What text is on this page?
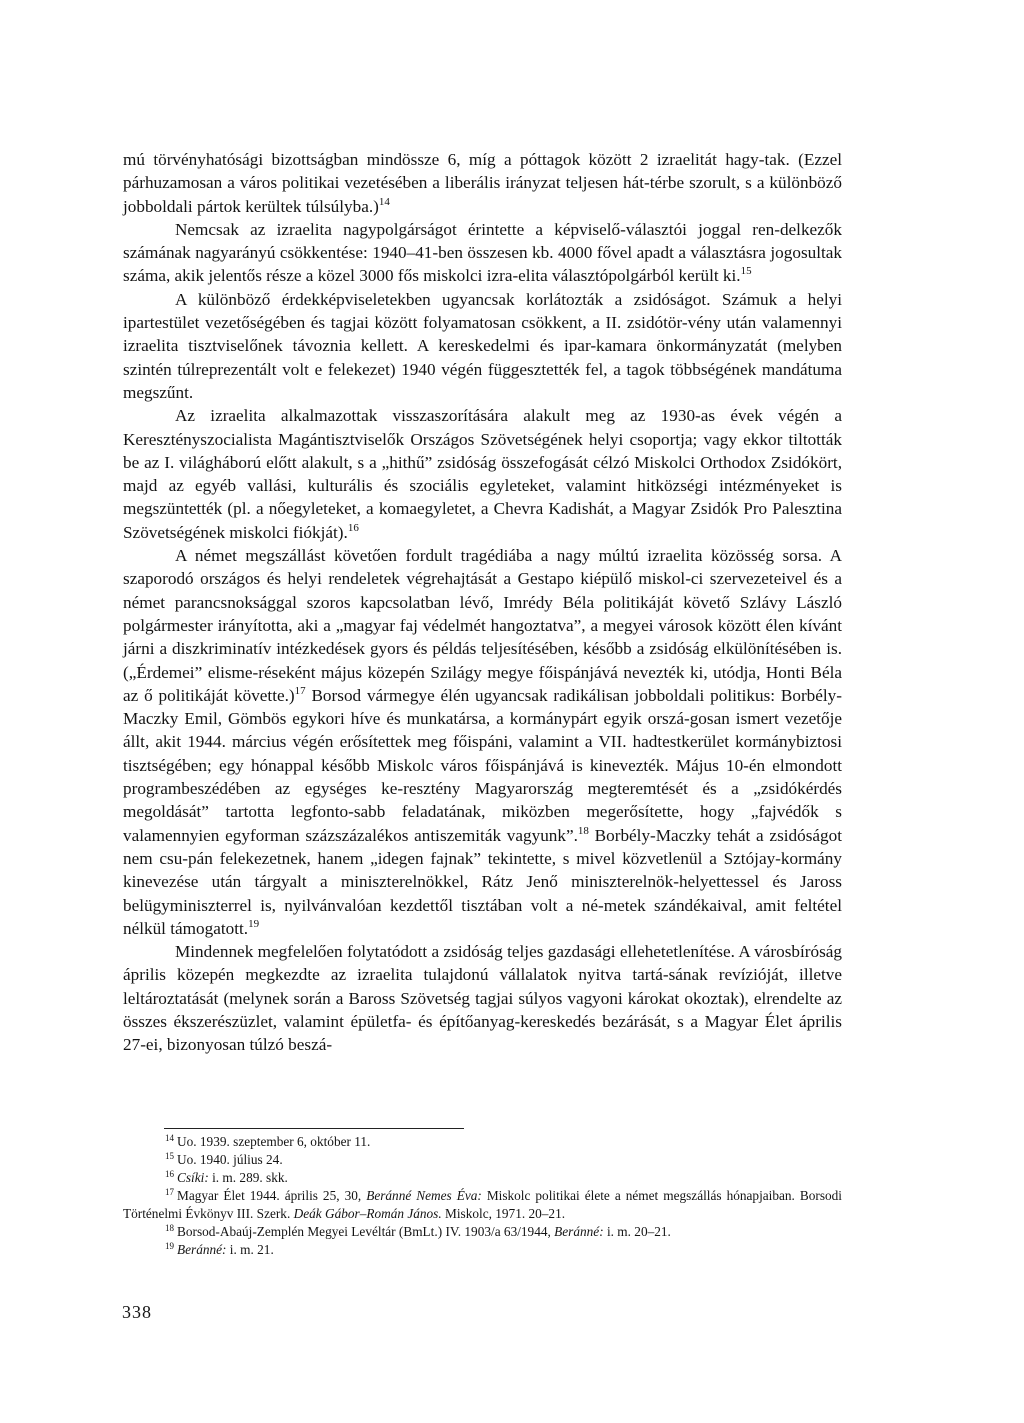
mú törvényhatósági bizottságban mindössze 6, míg a póttagok között 2 izraelitát hagy-tak. (Ezzel párhuzamosan a város politikai vezetésében a liberális irányzat teljesen hát-térbe szorult, s a különböző jobboldali pártok kerültek túlsúlyba.)$^{14}$

Nemcsak az izraelita nagypolgárságot érintette a képviselő-választói joggal ren-delkezők számának nagyarányú csökkentése: 1940–41-ben összesen kb. 4000 fővel apadt a választásra jogosultak száma, akik jelentős része a közel 3000 fős miskolci izra-elita választópolgárból került ki.$^{15}$

A különböző érdekképviseletekben ugyancsak korlátozták a zsidóságot. Számuk a helyi ipartestület vezetőségében és tagjai között folyamatosan csökkent, a II. zsidótör-vény után valamennyi izraelita tisztviselőnek távoznia kellett. A kereskedelmi és ipar-kamara önkormányzatát (melyben szintén túlreprezentált volt e felekezet) 1940 végén függesztették fel, a tagok többségének mandátuma megszűnt.

Az izraelita alkalmazottak visszaszorítására alakult meg az 1930-as évek végén a Keresztényszocialista Magántisztviselők Országos Szövetségének helyi csoportja; vagy ekkor tiltották be az I. világháború előtt alakult, s a „hithű” zsidóság összefogását célzó Miskolci Orthodox Zsidókört, majd az egyéb vallási, kulturális és szociális egyleteket, valamint hitközségi intézményeket is megszüntették (pl. a nőegyleteket, a komaegyletet, a Chevra Kadishát, a Magyar Zsidók Pro Palesztina Szövetségének miskolci fiókját).$^{16}$

A német megszállást követően fordult tragédiába a nagy múltú izraelita közösség sorsa. A szaporodó országos és helyi rendeletek végrehajtását a Gestapo kiépülő miskol-ci szervezeteivel és a német parancsnoksággal szoros kapcsolatban lévő, Imrédy Béla politikáját követő Szlávy László polgármester irányította, aki a „magyar faj védelmét hangoztatva”, a megyei városok között élen kívánt járni a diszkriminatív intézkedések gyors és példás teljesítésében, később a zsidóság elkülönítésében is. („Érdemei” elisme-réseként május közepén Szilágy megye főispánjává nevezték ki, utódja, Honti Béla az ő politikáját követte.)$^{17}$ Borsod vármegye élén ugyancsak radikálisan jobboldali politikus: Borbély-Maczky Emil, Gömbös egykori híve és munkatársa, a kormánypárt egyik orszá-gosan ismert vezetője állt, akit 1944. március végén erősítettek meg főispáni, valamint a VII. hadtestkerület kormánybiztosi tisztségében; egy hónappal később Miskolc város főispánjává is kinevezték. Május 10-én elmondott programbeszédében az egységes ke-resztény Magyarország megteremtését és a „zsidókérdés megoldását” tartotta legfonto-sabb feladatának, miközben megerősítette, hogy „fajvédők s valamennyien egyforman százszázalékos antiszemiták vagyunk”.$^{18}$ Borbély-Maczky tehát a zsidóságot nem csu-pán felekezetnek, hanem „idegen fajnak” tekintette, s mivel közvetlenül a Sztójay-kormány kinevezése után tárgyalt a miniszterelnökkel, Rátz Jenő miniszterelnök-helyettessel és Jaross belügyminiszterrel is, nyilvánvalóan kezdettől tisztában volt a né-metek szándékaival, amit feltétel nélkül támogatott.$^{19}$

Mindennek megfelelően folytatódott a zsidóság teljes gazdasági ellehetetlenítése. A városbíróság április közepén megkezdte az izraelita tulajdonú vállalatok nyitva tartá-sának revízióját, illetve leltároztatását (melynek során a Baross Szövetség tagjai súlyos vagyoni károkat okoztak), elrendelte az összes ékszerészüzlet, valamint épületfa- és építőanyag-kereskedés bezárását, s a Magyar Élet április 27-ei, bizonyosan túlzó beszá-

$^{14}$ Uo. 1939. szeptember 6, október 11.

$^{15}$ Uo. 1940. július 24.

$^{16}$ Csíki: i. m. 289. skk.

$^{17}$ Magyar Élet 1944. április 25, 30, Beránné Nemes Éva: Miskolc politikai élete a német megszállás hónapjaiban. Borsodi Történelmi Évkönyv III. Szerk. Deák Gábor–Román János. Miskolc, 1971. 20–21.

$^{18}$ Borsod-Abaúj-Zemplén Megyei Levéltár (BmLt.) IV. 1903/a 63/1944, Beránné: i. m. 20–21.

$^{19}$ Beránné: i. m. 21.

338
